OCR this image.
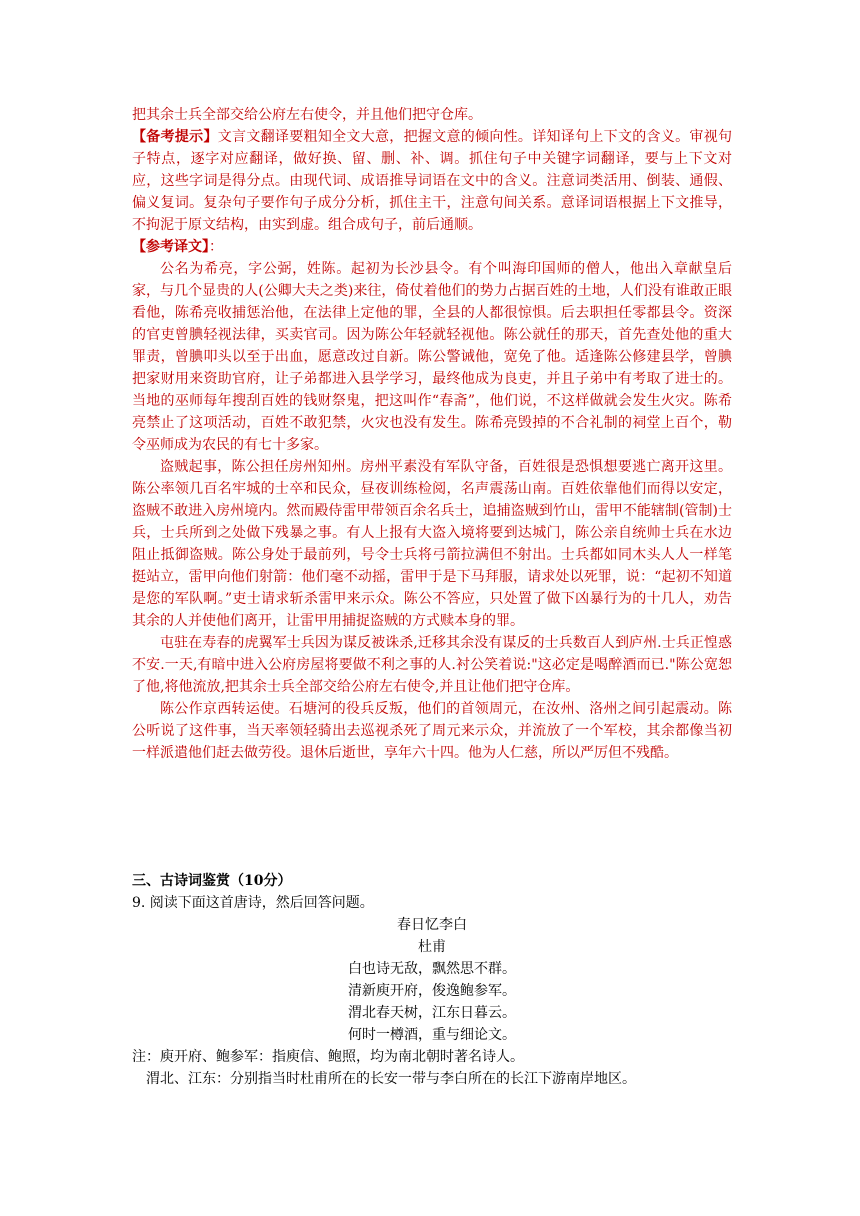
把其余士兵全部交给公府左右使令，并且他们把守仓库。

【备考提示】文言文翻译要粗知全文大意，把握文意的倾向性。详知译句上下文的含义。审视句子特点，逐字对应翻译，做好换、留、删、补、调。抓住句子中关键字词翻译，要与上下文对应，这些字词是得分点。由现代词、成语推导词语在文中的含义。注意词类活用、倒装、通假、偏义复词。复杂句子要作句子成分分析，抓住主干，注意句间关系。意译词语根据上下文推导，不拘泥于原文结构，由实到虚。组合成句子，前后通顺。

【参考译文】：

公名为希亮，字公弼，姓陈。起初为长沙县令。有个叫海印国师的僧人，他出入章献皇后家，与几个显贵的人(公卿大夫之类)来往，倚仗着他们的势力占据百姓的土地，人们没有谁敢正眼看他，陈希亮收捕惩治他，在法律上定他的罪，全县的人都很惊惧。后去职担任零都县令。资深的官吏曾腆轻视法律，买卖官司。因为陈公年轻就轻视他。陈公就任的那天，首先查处他的重大罪责，曾腆叩头以至于出血，愿意改过自新。陈公警诫他，宽免了他。适逢陈公修建县学，曾腆把家财用来资助官府，让子弟都进入县学学习，最终他成为良吏，并且子弟中有考取了进士的。当地的巫师每年搜刮百姓的钱财祭鬼，把这叫作“春斋”，他们说，不这样做就会发生火灾。陈希亮禁止了这项活动，百姓不敢犯禁，火灾也没有发生。陈希亮毁掉的不合礼制的祠堂上百个，勒令巫师成为农民的有七十多家。

盗贼起事，陈公担任房州知州。房州平素没有军队守备，百姓很是恐惧想要逃亡离开这里。陈公率领几百名牢城的士卒和民众，昼夜训练检阅，名声震荡山南。百姓依靠他们而得以安定，盗贼不敢进入房州境内。然而殿侍雷甲带领百余名兵士，追捕盗贼到竹山，雷甲不能辖制(管制)士兵，士兵所到之处做下残暴之事。有人上报有大盗入境将要到达城门，陈公亲自统帅士兵在水边阻止抵御盗贼。陈公身处于最前列，号令士兵将弓箭拉满但不射出。士兵都如同木头人人一样笔挺站立，雷甲向他们射箭：他们毫不动摇，雷甲于是下马拜服，请求处以死罪，说：“起初不知道是您的军队啊。”吏士请求斩杀雷甲来示众。陈公不答应，只处置了做下凶暴行为的十几人，劝告其余的人并使他们离开，让雷甲用捕捉盗贼的方式赎本身的罪。

屯驻在寿春的虎翼军士兵因为谋反被诛杀,迁移其余没有谋反的士兵数百人到庐州.士兵正惶惑不安.一天,有暗中进入公府房屋将要做不利之事的人.衬公笑着说:"这必定是喝醉酒而已."陈公宽恕了他,将他流放,把其余士兵全部交给公府左右使令,并且让他们把守仓库。

陈公作京西转运使。石塘河的役兵反叛，他们的首领周元，在汝州、洛州之间引起震动。陈公听说了这件事，当天率领轻骑出去巡视杀死了周元来示众，并流放了一个军校，其余都像当初一样派遣他们赶去做劳役。退休后逝世，享年六十四。他为人仁慈，所以严厉但不残酷。

三、古诗词鉴赏（10分）

9. 阅读下面这首唐诗，然后回答问题。

春日忆李白
杜甫
白也诗无敌，飘然思不群。
清新庾开府，俊逸鲍参军。
渭北春天树，江东日暮云。
何时一樽酒，重与细论文。

注：庾开府、鲍参军：指庾信、鲍照，均为南北朝时著名诗人。

渭北、江东：分别指当时杜甫所在的长安一带与李白所在的长江下游南岸地区。
